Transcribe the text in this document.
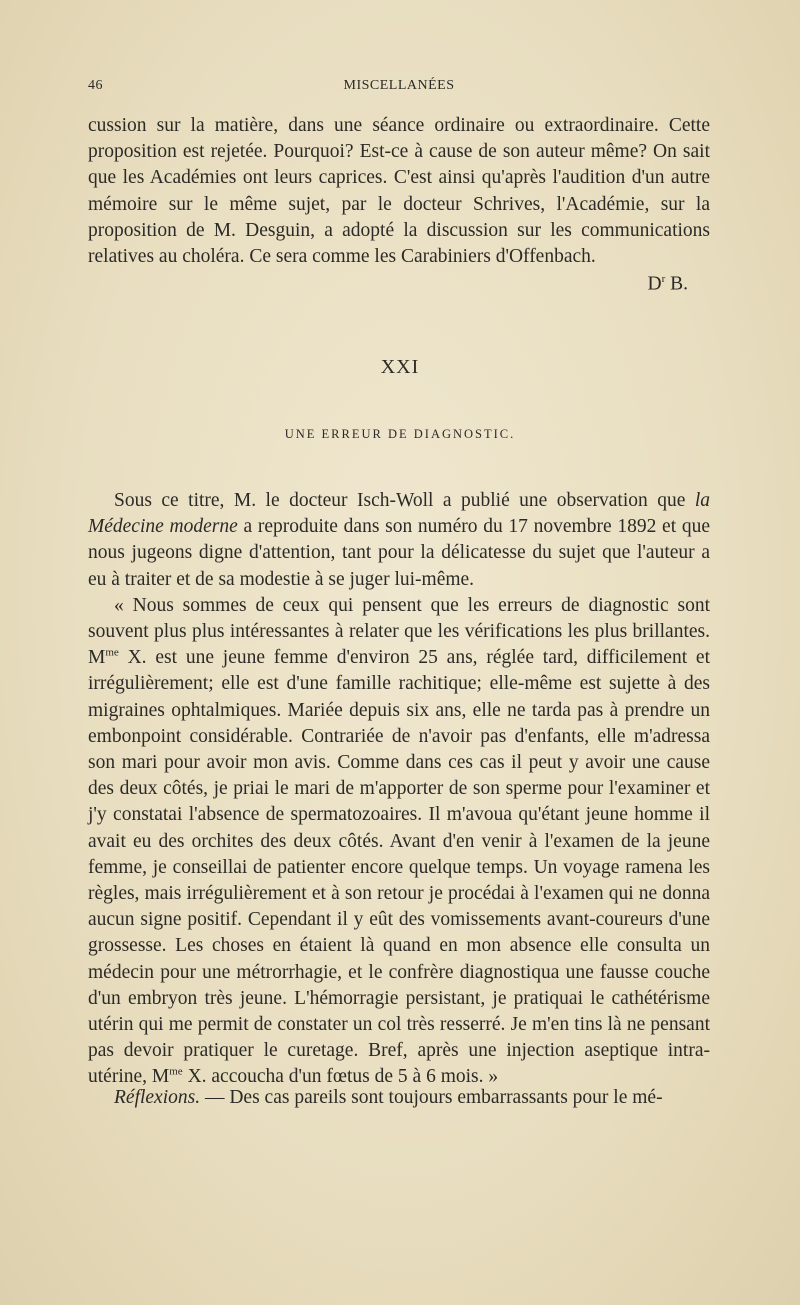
46	MISCELLANÉES

cussion sur la matière, dans une séance ordinaire ou extraordinaire. Cette proposition est rejetée. Pourquoi? Est-ce à cause de son auteur même? On sait que les Académies ont leurs caprices. C'est ainsi qu'après l'audition d'un autre mémoire sur le même sujet, par le docteur Schrives, l'Académie, sur la proposition de M. Desguin, a adopté la discussion sur les communications relatives au choléra. Ce sera comme les Carabiniers d'Offenbach.

$D^r$ B.
XXI
UNE ERREUR DE DIAGNOSTIC.

Sous ce titre, M. le docteur Isch-Woll a publié une observation que la Médecine moderne a reproduite dans son numéro du 17 novembre 1892 et que nous jugeons digne d'attention, tant pour la délicatesse du sujet que l'auteur a eu à traiter et de sa modestie à se juger lui-même.

« Nous sommes de ceux qui pensent que les erreurs de diagnostic sont souvent plus plus intéressantes à relater que les vérifications les plus brillantes. $M^{me}$ X. est une jeune femme d'environ 25 ans, réglée tard, difficilement et irrégulièrement; elle est d'une famille rachitique; elle-même est sujette à des migraines ophtalmiques. Mariée depuis six ans, elle ne tarda pas à prendre un embonpoint considérable. Contrariée de n'avoir pas d'enfants, elle m'adressa son mari pour avoir mon avis. Comme dans ces cas il peut y avoir une cause des deux côtés, je priai le mari de m'apporter de son sperme pour l'examiner et j'y constatai l'absence de spermatozoaires. Il m'avoua qu'étant jeune homme il avait eu des orchites des deux côtés. Avant d'en venir à l'examen de la jeune femme, je conseillai de patienter encore quelque temps. Un voyage ramena les règles, mais irrégulièrement et à son retour je procédai à l'examen qui ne donna aucun signe positif. Cependant il y eût des vomissements avant-coureurs d'une grossesse. Les choses en étaient là quand en mon absence elle consulta un médecin pour une métrorrhagie, et le confrère diagnostiqua une fausse couche d'un embryon très jeune. L'hémorragie persistant, je pratiquai le cathétérisme utérin qui me permit de constater un col très resserré. Je m'en tins là ne pensant pas devoir pratiquer le curetage. Bref, après une injection aseptique intra-utérine, $M^{me}$ X. accoucha d'un fœtus de 5 à 6 mois. »

Réflexions. — Des cas pareils sont toujours embarrassants pour le mé-
